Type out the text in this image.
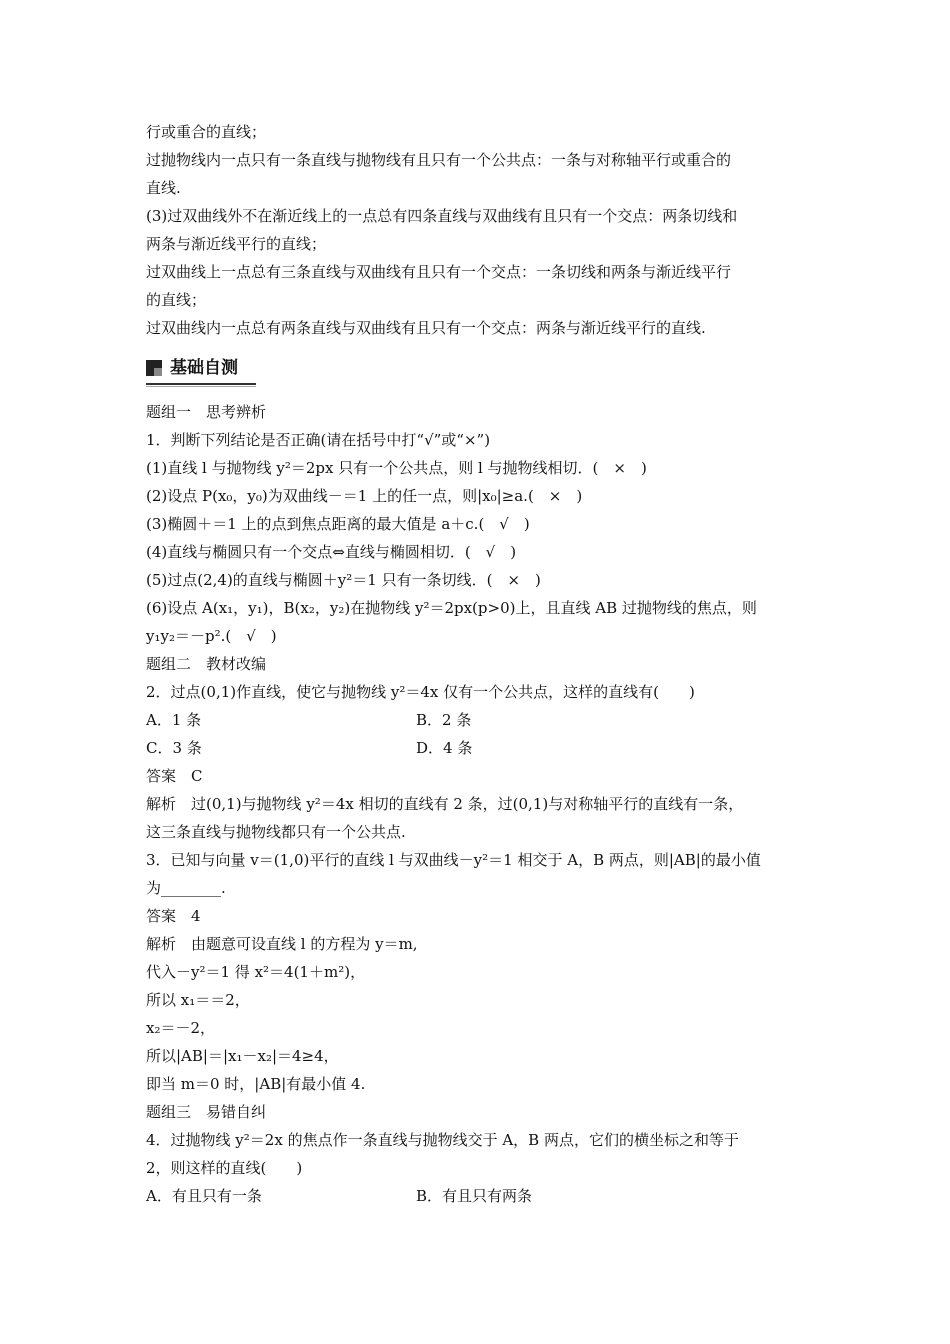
行或重合的直线；
过抛物线内一点只有一条直线与抛物线有且只有一个公共点：一条与对称轴平行或重合的
直线.
(3)过双曲线外不在渐近线上的一点总有四条直线与双曲线有且只有一个交点：两条切线和
两条与渐近线平行的直线；
过双曲线上一点总有三条直线与双曲线有且只有一个交点：一条切线和两条与渐近线平行
的直线；
过双曲线内一点总有两条直线与双曲线有且只有一个交点：两条与渐近线平行的直线.
基础自测
题组一　思考辨析
1．判断下列结论是否正确(请在括号中打“√”或“×”)
(1)直线 l 与抛物线 y²＝2px 只有一个公共点，则 l 与抛物线相切．(　×　)
(2)设点 P(x₀，y₀)为双曲线－＝1 上的任一点，则|x₀|≥a.(　×　)
(3)椭圆＋＝1 上的点到焦点距离的最大值是 a＋c.(　√　)
(4)直线与椭圆只有一个交点⇔直线与椭圆相切．(　√　)
(5)过点(2,4)的直线与椭圆＋y²＝1 只有一条切线．(　×　)
(6)设点 A(x₁，y₁)，B(x₂，y₂)在抛物线 y²＝2px(p>0)上，且直线 AB 过抛物线的焦点，则
y₁y₂＝－p².(　√　)
题组二　教材改编
2．过点(0,1)作直线，使它与抛物线 y²＝4x 仅有一个公共点，这样的直线有(　　)
A．1 条	B．2 条
C．3 条	D．4 条
答案　C
解析　过(0,1)与抛物线 y²＝4x 相切的直线有 2 条，过(0,1)与对称轴平行的直线有一条，
这三条直线与抛物线都只有一个公共点.
3．已知与向量 v＝(1,0)平行的直线 l 与双曲线－y²＝1 相交于 A，B 两点，则|AB|的最小值
为________.
答案　4
解析　由题意可设直线 l 的方程为 y＝m,
代入－y²＝1 得 x²＝4(1＋m²)，
所以 x₁＝＝2，
x₂＝－2，
所以|AB|＝|x₁－x₂|＝4≥4，
即当 m＝0 时，|AB|有最小值 4.
题组三　易错自纠
4．过抛物线 y²＝2x 的焦点作一条直线与抛物线交于 A，B 两点，它们的横坐标之和等于
2，则这样的直线(　　)
A．有且只有一条	B．有且只有两条
